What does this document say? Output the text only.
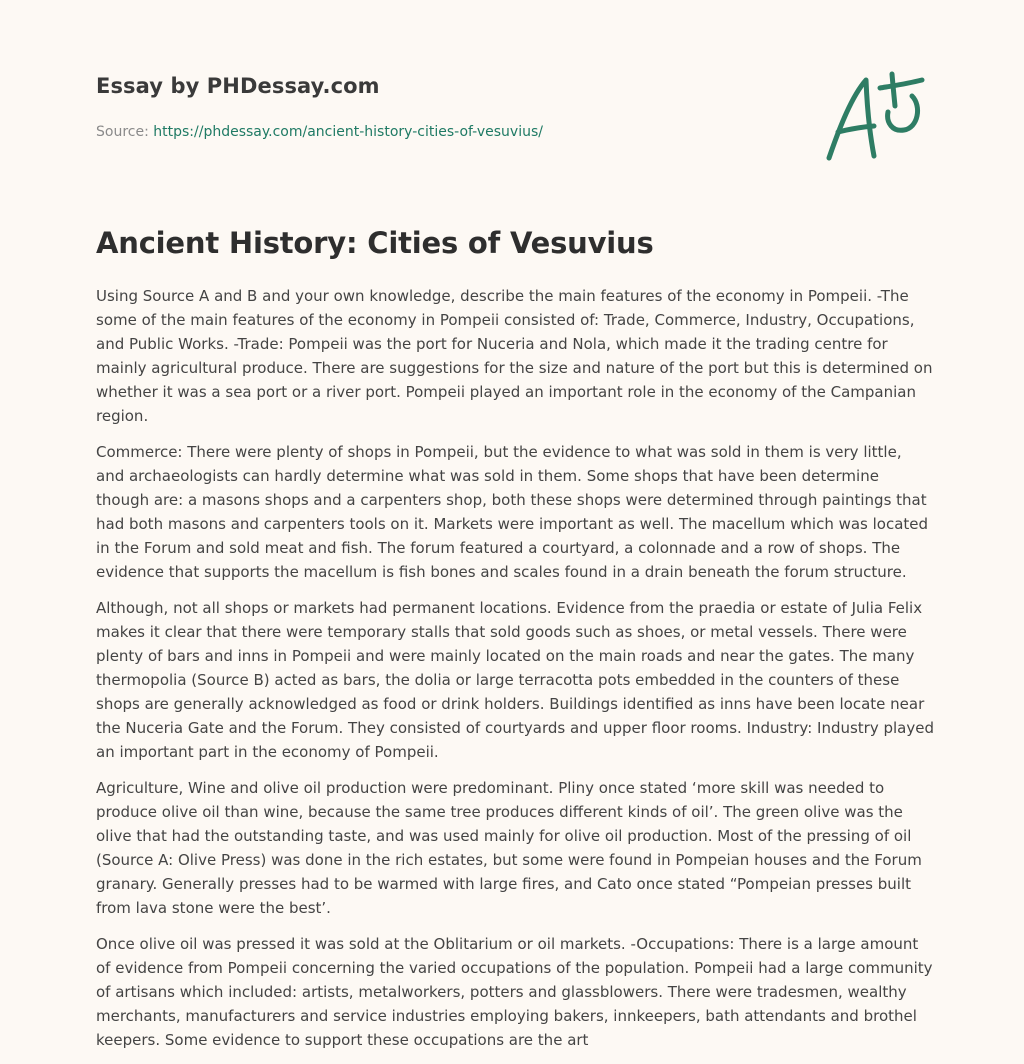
Essay by PHDessay.com
Source: https://phdessay.com/ancient-history-cities-of-vesuvius/
Ancient History: Cities of Vesuvius

Using Source A and B and your own knowledge, describe the main features of the economy in Pompeii. -The some of the main features of the economy in Pompeii consisted of: Trade, Commerce, Industry, Occupations, and Public Works. -Trade: Pompeii was the port for Nuceria and Nola, which made it the trading centre for mainly agricultural produce. There are suggestions for the size and nature of the port but this is determined on whether it was a sea port or a river port. Pompeii played an important role in the economy of the Campanian region.

Commerce: There were plenty of shops in Pompeii, but the evidence to what was sold in them is very little, and archaeologists can hardly determine what was sold in them. Some shops that have been determine though are: a masons shops and a carpenters shop, both these shops were determined through paintings that had both masons and carpenters tools on it. Markets were important as well. The macellum which was located in the Forum and sold meat and fish. The forum featured a courtyard, a colonnade and a row of shops. The evidence that supports the macellum is fish bones and scales found in a drain beneath the forum structure.

Although, not all shops or markets had permanent locations. Evidence from the praedia or estate of Julia Felix makes it clear that there were temporary stalls that sold goods such as shoes, or metal vessels. There were plenty of bars and inns in Pompeii and were mainly located on the main roads and near the gates. The many thermopolia (Source B) acted as bars, the dolia or large terracotta pots embedded in the counters of these shops are generally acknowledged as food or drink holders. Buildings identified as inns have been locate near the Nuceria Gate and the Forum. They consisted of courtyards and upper floor rooms. Industry: Industry played an important part in the economy of Pompeii.

Agriculture, Wine and olive oil production were predominant. Pliny once stated ‘more skill was needed to produce olive oil than wine, because the same tree produces different kinds of oil’. The green olive was the olive that had the outstanding taste, and was used mainly for olive oil production. Most of the pressing of oil (Source A: Olive Press) was done in the rich estates, but some were found in Pompeian houses and the Forum granary. Generally presses had to be warmed with large fires, and Cato once stated “Pompeian presses built from lava stone were the best’.

Once olive oil was pressed it was sold at the Oblitarium or oil markets. -Occupations: There is a large amount of evidence from Pompeii concerning the varied occupations of the population. Pompeii had a large community of artisans which included: artists, metalworkers, potters and glassblowers. There were tradesmen, wealthy merchants, manufacturers and service industries employing bakers, innkeepers, bath attendants and brothel keepers. Some evidence to support these occupations are the art
